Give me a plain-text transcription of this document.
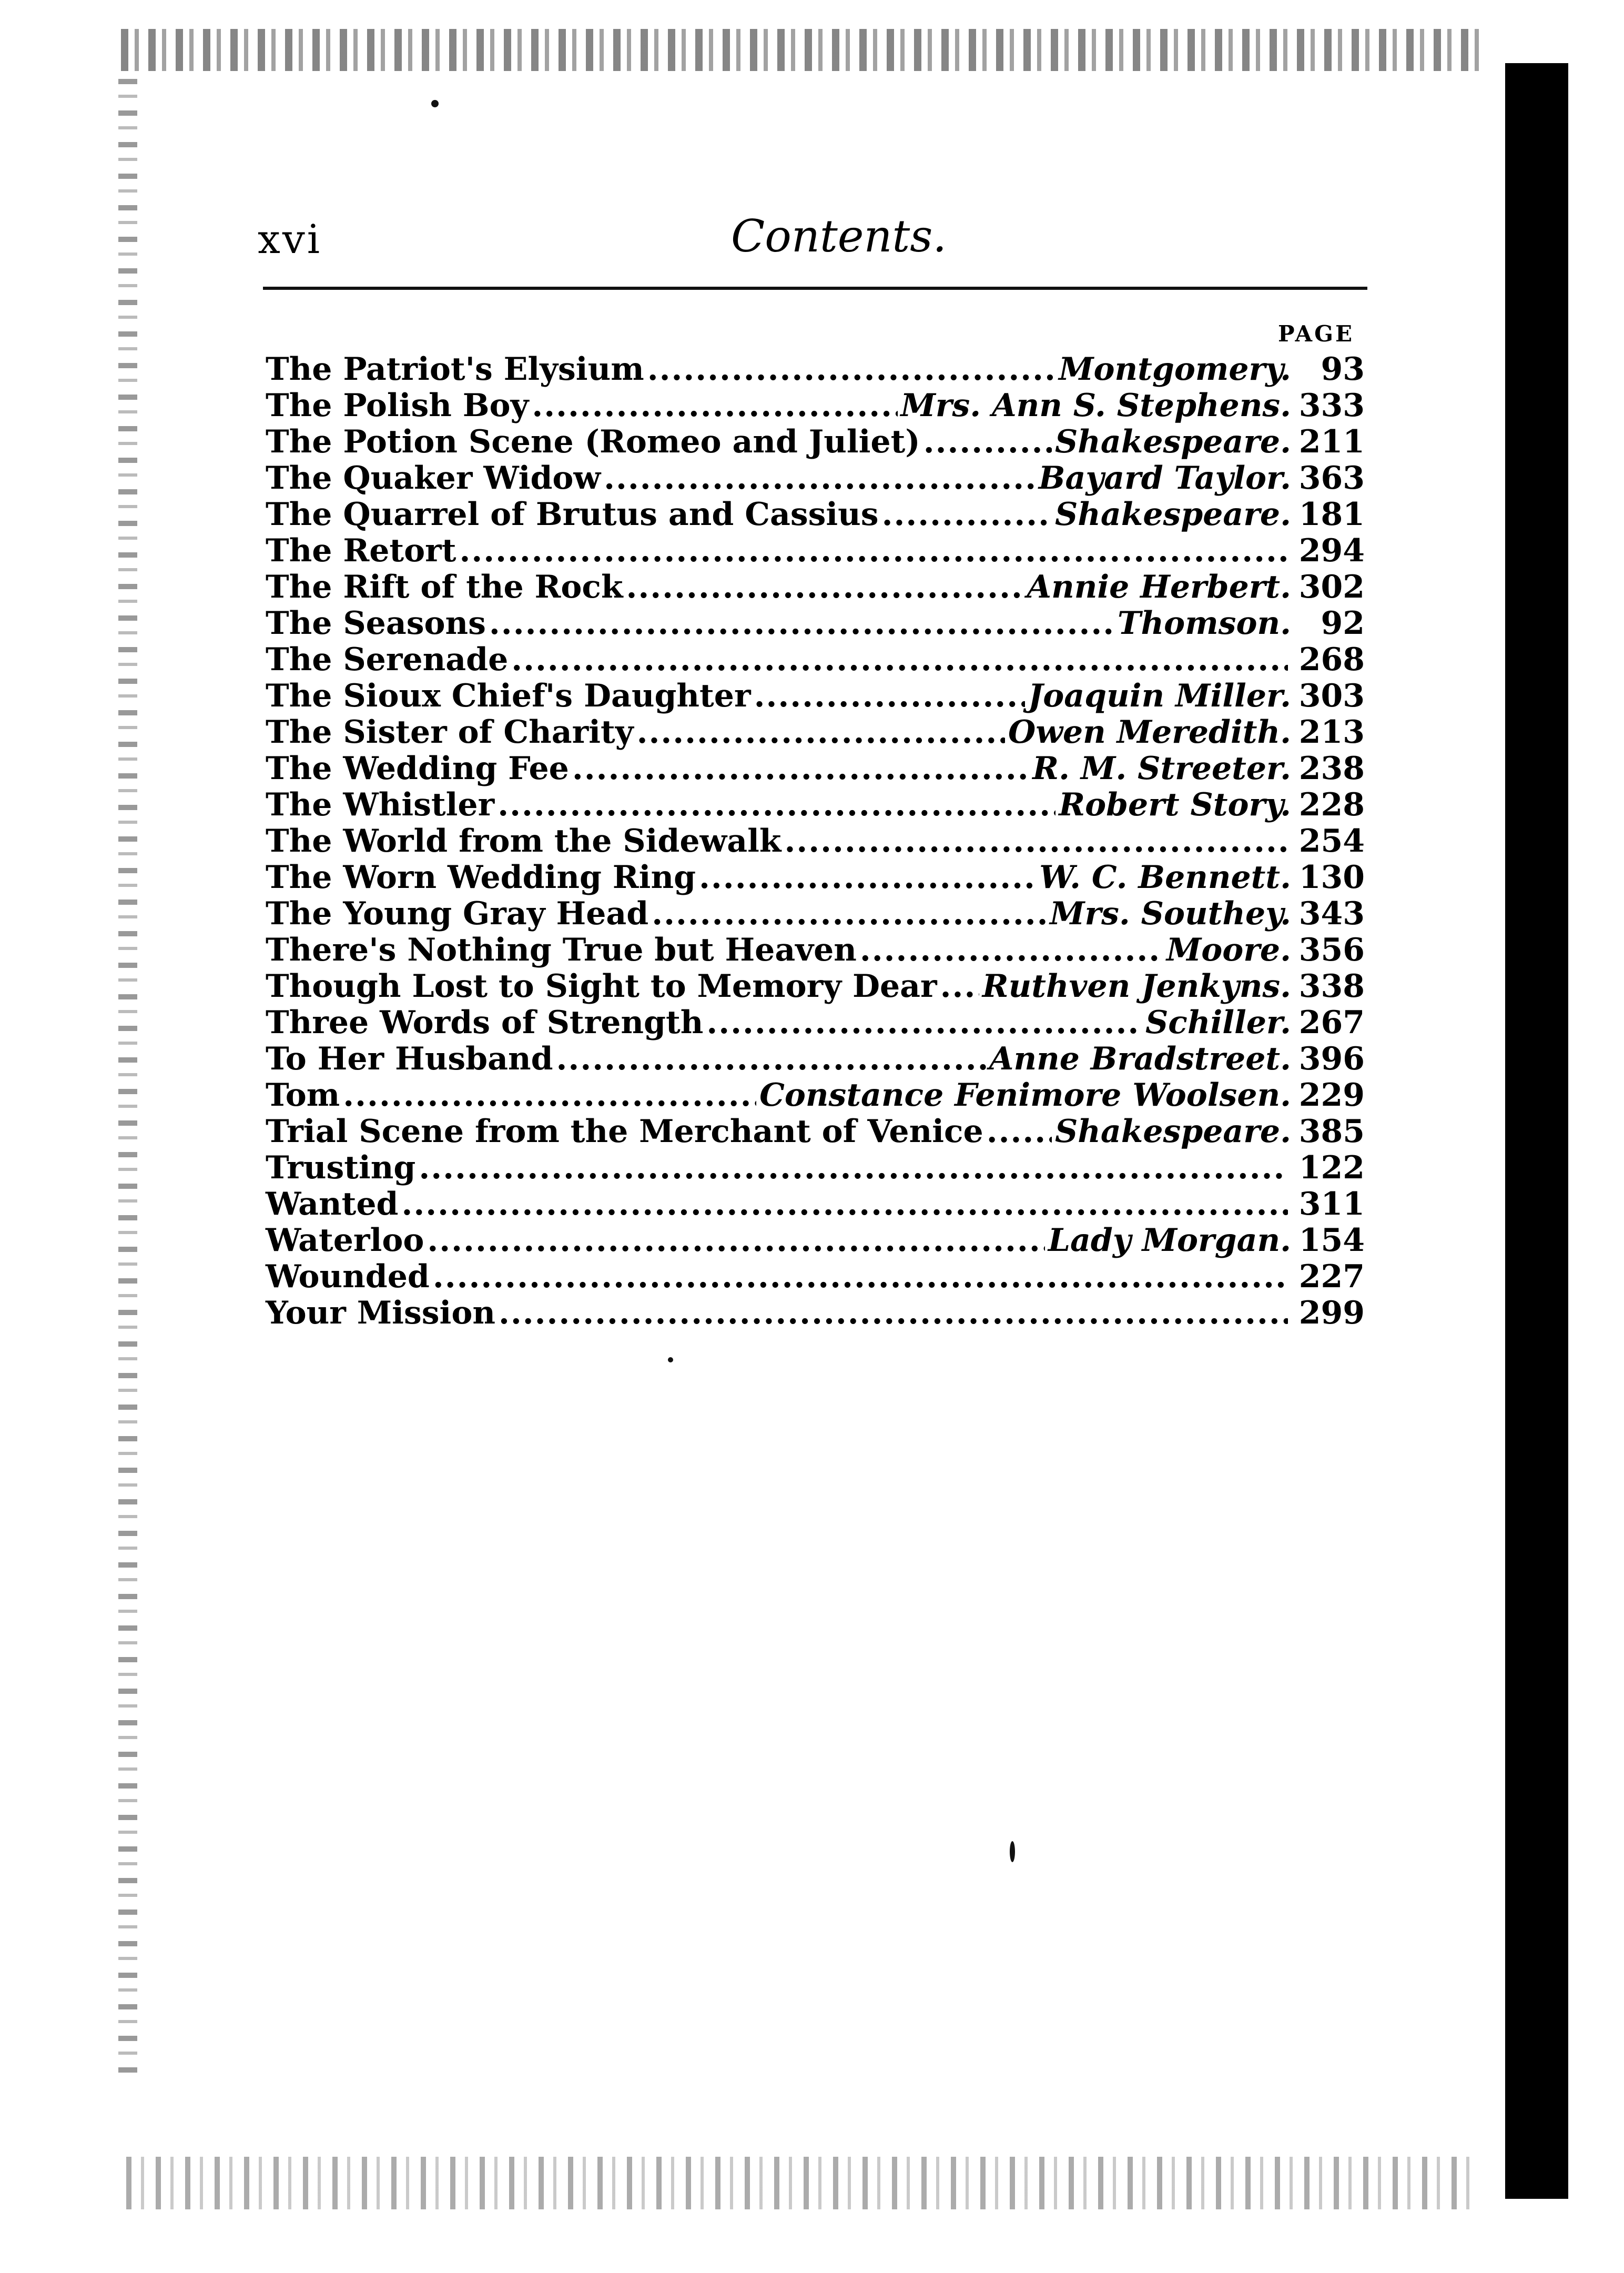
xvi	Contents.
PAGE
The Patriot's Elysium .....	Montgomery. 93
The Polish Boy .....	Mrs. Ann S. Stephens. 333
The Potion Scene (Romeo and Juliet) .....	Shakespeare. 211
The Quaker Widow .....	Bayard Taylor. 363
The Quarrel of Brutus and Cassius .....	Shakespeare. 181
The Retort .....	294
The Rift of the Rock .....	Annie Herbert. 302
The Seasons .....	Thomson. 92
The Serenade .....	268
The Sioux Chief's Daughter .....	Joaquin Miller. 303
The Sister of Charity .....	Owen Meredith. 213
The Wedding Fee .....	R. M. Streeter. 238
The Whistler .....	Robert Story. 228
The World from the Sidewalk .....	254
The Worn Wedding Ring .....	W. C. Bennett. 130
The Young Gray Head .....	Mrs. Southey. 343
There's Nothing True but Heaven .....	Moore. 356
Though Lost to Sight to Memory Dear ..... Ruthven Jenkyns. 338
Three Words of Strength .....	Schiller. 267
To Her Husband .....	Anne Bradstreet. 396
Tom .....	Constance Fenimore Woolsen. 229
Trial Scene from the Merchant of Venice ..... Shakespeare. 385
Trusting .....	122
Wanted .....	311
Waterloo .....	Lady Morgan. 154
Wounded .....	227
Your Mission .....	299
